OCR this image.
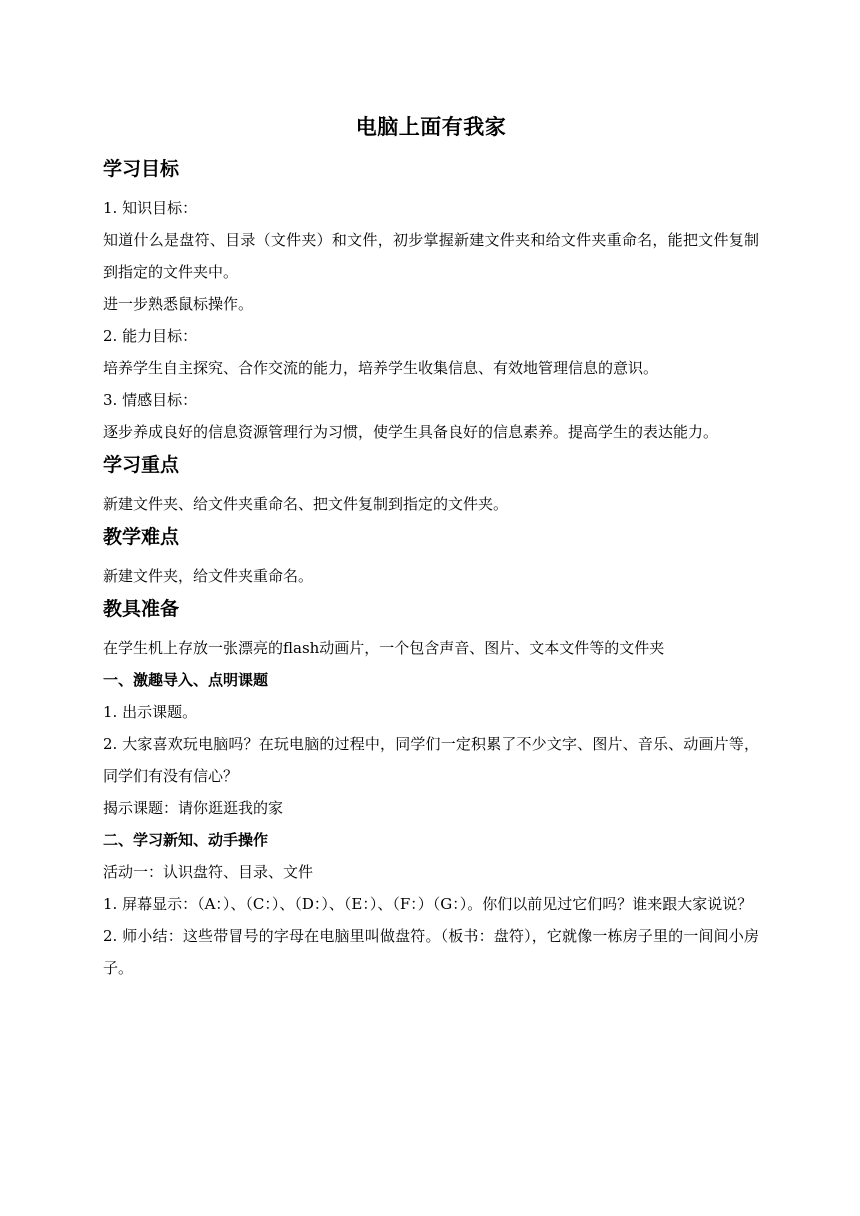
电脑上面有我家
学习目标
1. 知识目标：
知道什么是盘符、目录（文件夹）和文件，初步掌握新建文件夹和给文件夹重命名，能把文件复制到指定的文件夹中。
进一步熟悉鼠标操作。
2. 能力目标：
培养学生自主探究、合作交流的能力，培养学生收集信息、有效地管理信息的意识。
3. 情感目标：
逐步养成良好的信息资源管理行为习惯，使学生具备良好的信息素养。提高学生的表达能力。
学习重点
新建文件夹、给文件夹重命名、把文件复制到指定的文件夹。
教学难点
新建文件夹，给文件夹重命名。
教具准备
在学生机上存放一张漂亮的flash动画片，一个包含声音、图片、文本文件等的文件夹
一、激趣导入、点明课题
1. 出示课题。
2. 大家喜欢玩电脑吗？在玩电脑的过程中，同学们一定积累了不少文字、图片、音乐、动画片等，同学们有没有信心？
揭示课题：请你逛逛我的家
二、学习新知、动手操作
活动一：认识盘符、目录、文件
1. 屏幕显示：（A：）、（C：）、（D：）、（E：）、（F：）（G：）。你们以前见过它们吗？谁来跟大家说说？
2. 师小结：这些带冒号的字母在电脑里叫做盘符。（板书：盘符），它就像一栋房子里的一间间小房子。
